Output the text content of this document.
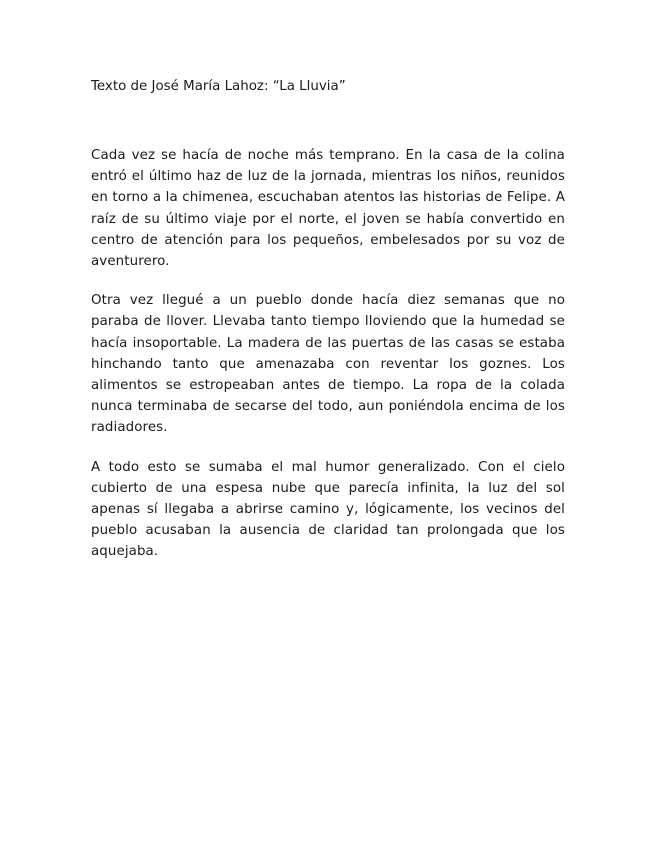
Texto de José María Lahoz: “La Lluvia”

Cada vez se hacía de noche más temprano. En la casa de la colina entró el último haz de luz de la jornada, mientras los niños, reunidos en torno a la chimenea, escuchaban atentos las historias de Felipe. A raíz de su último viaje por el norte, el joven se había convertido en centro de atención para los pequeños, embelesados por su voz de aventurero.

Otra vez llegué a un pueblo donde hacía diez semanas que no paraba de llover. Llevaba tanto tiempo lloviendo que la humedad se hacía insoportable. La madera de las puertas de las casas se estaba hinchando tanto que amenazaba con reventar los goznes. Los alimentos se estropeaban antes de tiempo. La ropa de la colada nunca terminaba de secarse del todo, aun poniéndola encima de los radiadores.

A todo esto se sumaba el mal humor generalizado. Con el cielo cubierto de una espesa nube que parecía infinita, la luz del sol apenas sí llegaba a abrirse camino y, lógicamente, los vecinos del pueblo acusaban la ausencia de claridad tan prolongada que los aquejaba.
